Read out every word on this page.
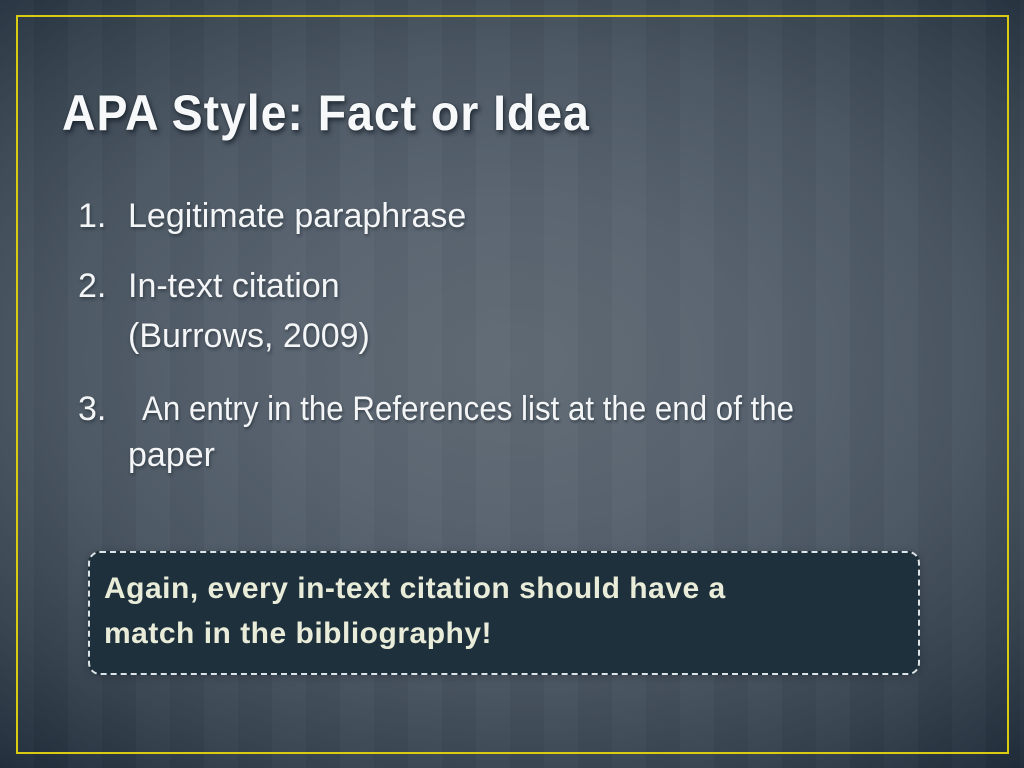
APA Style: Fact or Idea
1. Legitimate paraphrase
2. In-text citation
(Burrows, 2009)
3. An entry in the References list at the end of the
paper
Again, every in-text citation should have a
match in the bibliography!
